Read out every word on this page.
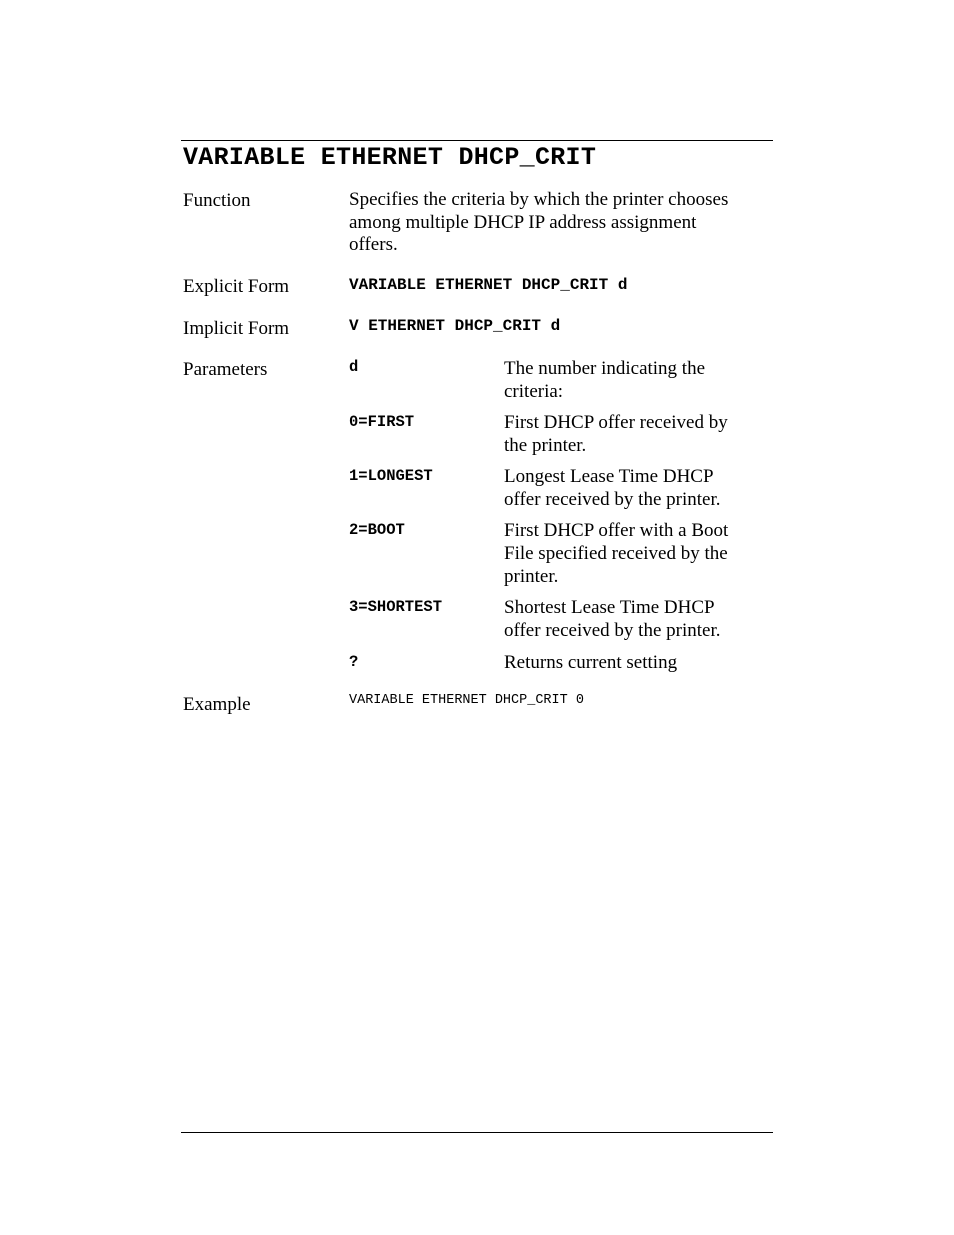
VARIABLE ETHERNET DHCP_CRIT
Function	Specifies the criteria by which the printer chooses
among multiple DHCP IP address assignment
offers.
Explicit Form	VARIABLE ETHERNET DHCP_CRIT d
Implicit Form	V ETHERNET DHCP_CRIT d
Parameters	d	The number indicating the
criteria:
0=FIRST	First DHCP offer received by
the printer.
1=LONGEST	Longest Lease Time DHCP
offer received by the printer.
2=BOOT	First DHCP offer with a Boot
File specified received by the
printer.
3=SHORTEST	Shortest Lease Time DHCP
offer received by the printer.
?	Returns current setting
Example	VARIABLE ETHERNET DHCP_CRIT 0
